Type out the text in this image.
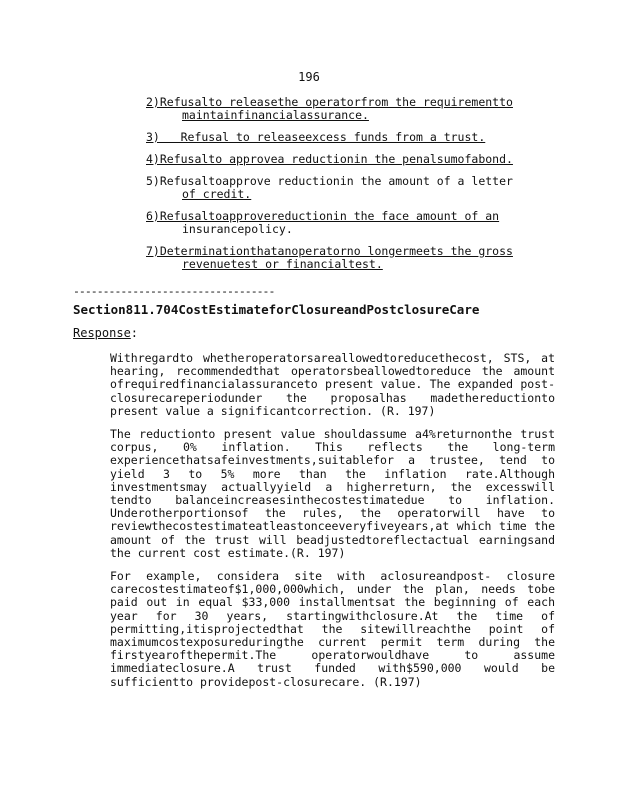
196
2)Refusalto releasethe operatorfrom the requirementto
maintainfinancialassurance.
3)   Refusal to releaseexcess funds from a trust.
4)Refusalto approvea reductionin the penalsumofabond.
5)Refusaltoapprove reductionin the amount of a letter
of credit.
6)Refusaltoapprovereductionin the face amount of an
insurancepolicy.
7)Determinationthatanoperatorno longermeets the gross
revenuetest or financialtest.
----------------------------------
Section811.704CostEstimateforClosureandPostclosureCare
Response:

Withregardto whetheroperatorsareallowedtoreducethecost, STS, at hearing, recommendedthat operatorsbeallowedtoreduce the amount ofrequiredfinancialassuranceto present value. The expanded post-closurecareperiodunder the proposalhas madethereductionto present value a significantcorrection. (R. 197)

The reductionto present value shouldassume a4%returnonthe trust corpus, 0% inflation. This reflects the long-term experiencethatsafeinvestments,suitablefor a trustee, tend to yield 3 to 5% more than the inflation rate.Although investmentsmay actuallyyield a higherreturn, the excesswill tendto balanceincreasesinthecostestimatedue to inflation. Underotherportionsof the rules, the operatorwill have to reviewthecostestimateatleastonceeveryfiveyears,at which time the amount of the trust will beadjustedtoreflectactual earningsand the current cost estimate.(R. 197)

For example, considera site with aclosureandpost- closure carecostestimateof$1,000,000which, under the plan, needs tobe paid out in equal $33,000 installmentsat the beginning of each year for 30 years, startingwithclosure.At the time of permitting,itisprojectedthat the sitewillreachthe point of maximumcostexposureduringthe current permit term during the firstyearofthepermit.The operatorwouldhave to assume immediateclosure.A trust funded with$590,000 would be sufficientto providepost-closurecare. (R.197)
